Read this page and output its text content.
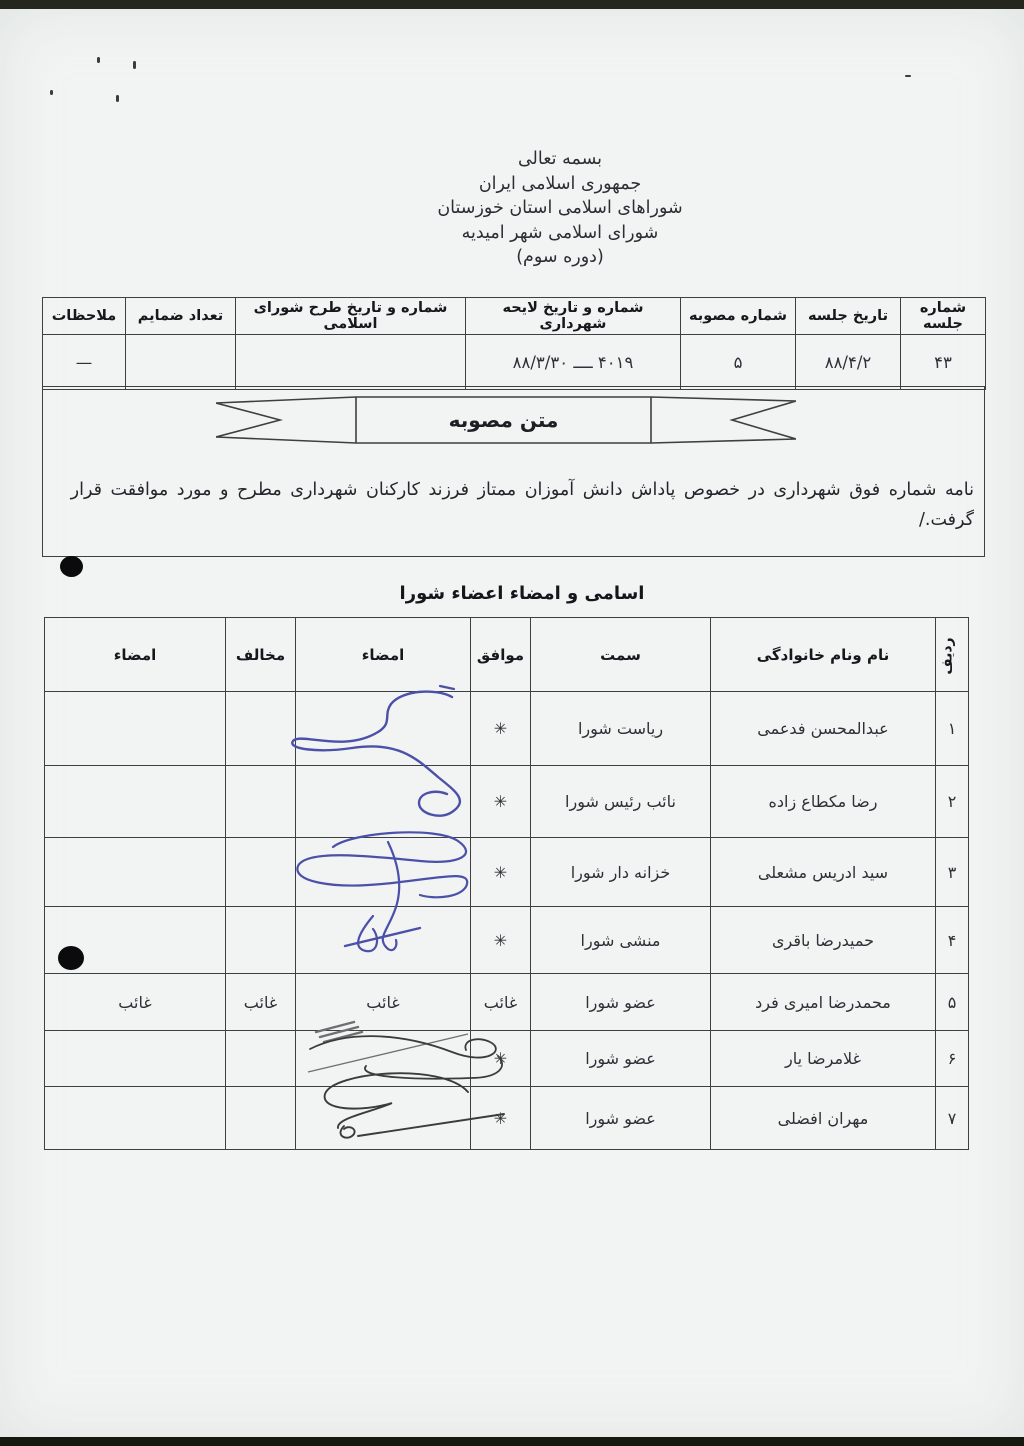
بسمه تعالی
جمهوری اسلامی ایران
شوراهای اسلامی استان خوزستان
شورای اسلامی شهر امیدیه
(دوره سوم)
شماره جلسه	تاریخ جلسه	شماره مصوبه	شماره و تاریخ لایحه شهرداری	شماره و تاریخ طرح شورای اسلامی	تعداد ضمایم	ملاحظات
۴۳	۸۸/۴/۲	۵	۴۰۱۹ ــــ ۸۸/۳/۳۰			—
متن مصوبه
نامه شماره فوق شهرداری در خصوص پاداش دانش آموزان ممتاز فرزند کارکنان شهرداری مطرح و مورد موافقت قرار گرفت./
اسامی و امضاء اعضاء شورا
ردیف	نام ونام خانوادگی	سمت	موافق	امضاء	مخالف	امضاء
۱	عبدالمحسن فدعمی	ریاست شورا	✳			
۲	رضا مکطاع زاده	نائب رئیس شورا	✳			
۳	سید ادریس مشعلی	خزانه دار شورا	✳			
۴	حمیدرضا باقری	منشی شورا	✳			
۵	محمدرضا امیری فرد	عضو شورا	غائب	غائب	غائب	غائب
۶	غلامرضا یار	عضو شورا	✳			
۷	مهران افضلی	عضو شورا	✳			
